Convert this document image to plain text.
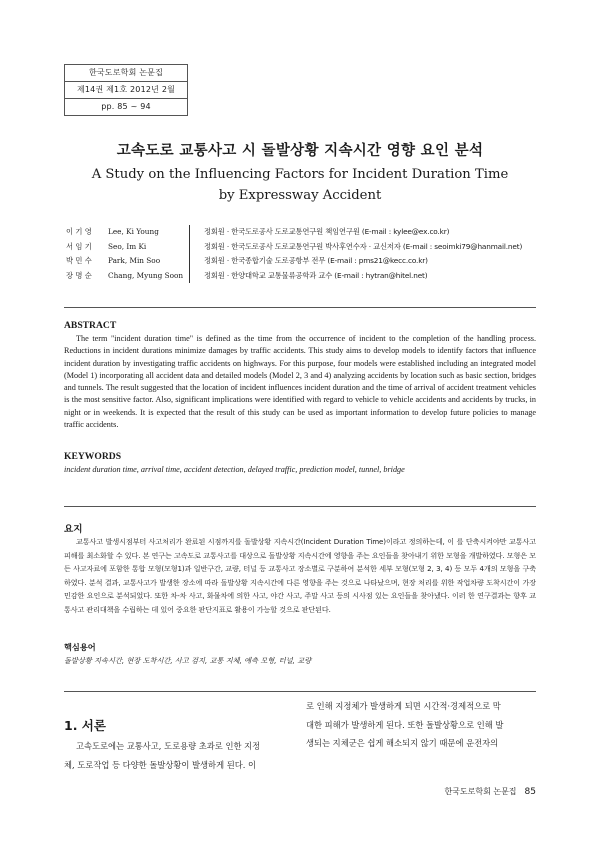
한국도로학회 논문집
제14권 제1호 2012년 2월
pp. 85 ~ 94
고속도로 교통사고 시 돌발상황 지속시간 영향 요인 분석
A Study on the Influencing Factors for Incident Duration Time
by Expressway Accident
이 기 영 Lee, Ki Young	정회원 · 한국도로공사 도로교통연구원 책임연구원 (E-mail : kylee@ex.co.kr)
서 임 기 Seo, Im Ki	정회원 · 한국도로공사 도로교통연구원 박사후연수자 · 교신저자 (E-mail : seoimki79@hanmail.net)
박 민 수 Park, Min Soo	정회원 · 한국종합기술 도로공항부 전무 (E-mail : pms21@kecc.co.kr)
장 명 순 Chang, Myung Soon	정회원 · 한양대학교 교통물류공학과 교수 (E-mail : hytran@hitel.net)
ABSTRACT
The term "incident duration time" is defined as the time from the occurrence of incident to the completion of the handling process. Reductions in incident durations minimize damages by traffic accidents. This study aims to develop models to identify factors that influence incident duration by investigating traffic accidents on highways. For this purpose, four models were established including an integrated model (Model 1) incorporating all accident data and detailed models (Model 2, 3 and 4) analyzing accidents by location such as basic section, bridges and tunnels. The result suggested that the location of incident influences incident duration and the time of arrival of accident treatment vehicles is the most sensitive factor. Also, significant implications were identified with regard to vehicle to vehicle accidents and accidents by trucks, in night or in weekends. It is expected that the result of this study can be used as important information to develop future policies to manage traffic accidents.
KEYWORDS
incident duration time, arrival time, accident detection, delayed traffic, prediction model, tunnel, bridge
요지
교통사고 발생시점부터 사고처리가 완료된 시점까지를 돌발상황 지속시간(Incident Duration Time)이라고 정의하는데, 이 를 단축시켜야만 교통사고 피해를 최소화할 수 있다. 본 연구는 고속도로 교통사고를 대상으로 돌발상황 지속시간에 영향을 주는 요인들을 찾아내기 위한 모형을 개발하였다. 모형은 모든 사고자료에 포함한 통합 모형(모형1)과 일반구간, 교량, 터널 등 교통사고 장소별로 구분하여 분석한 세부 모형(모형 2, 3, 4) 등 모두 4개의 모형을 구축하였다. 분석 결과, 교통사고가 발생한 장소에 따라 돌발상황 지속시간에 다른 영향을 주는 것으로 나타났으며, 현장 처리를 위한 작업차량 도착시간이 가장 민감한 요인으로 분석되었다. 또한 차-차 사고, 화물차에 의한 사고, 야간 사고, 주말 사고 등의 시사점 있는 요인들을 찾아냈다. 이러 한 연구결과는 향후 교통사고 관리대책을 수립하는 데 있어 중요한 판단지표로 활용이 가능할 것으로 판단된다.
핵심용어
돌발상황 지속시간, 현장 도착시간, 사고 검지, 교통 지체, 예측 모형, 터널, 교량
1. 서론
고속도로에는 교통사고, 도로용량 초과로 인한 지정
체, 도로작업 등 다양한 돌발상황이 발생하게 된다. 이
로 인해 지정체가 발생하게 되면 시간적·경제적으로 막
대한 피해가 발생하게 된다. 또한 돌발상황으로 인해 발
생되는 지체군은 쉽게 해소되지 않기 때문에 운전자의
한국도로학회 논문집 85
